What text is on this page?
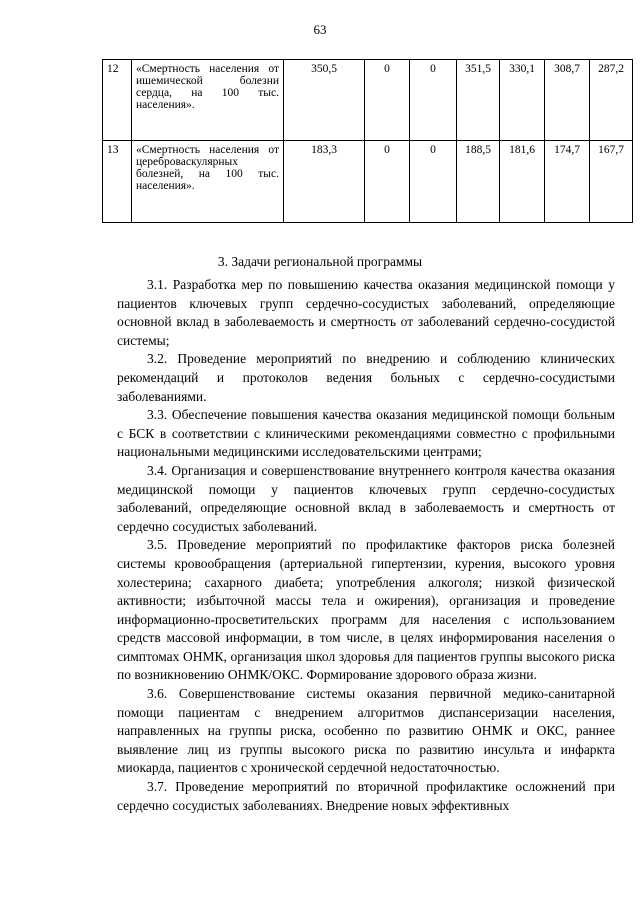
63
12	«Смертность населения от ишемической болезни сердца, на 100 тыс. населения».	350,5	0	0	351,5	330,1	308,7	287,2
13	«Смертность населения от цереброваскулярных болезней, на 100 тыс. населения».	183,3	0	0	188,5	181,6	174,7	167,7
3. Задачи региональной программы

3.1. Разработка мер по повышению качества оказания медицинской помощи у пациентов ключевых групп сердечно-сосудистых заболеваний, определяющие основной вклад в заболеваемость и смертность от заболеваний сердечно-сосудистой системы;

3.2. Проведение мероприятий по внедрению и соблюдению клинических рекомендаций и протоколов ведения больных с сердечно-сосудистыми заболеваниями.

3.3. Обеспечение повышения качества оказания медицинской помощи больным с БСК в соответствии с клиническими рекомендациями совместно с профильными национальными медицинскими исследовательскими центрами;

3.4. Организация и совершенствование внутреннего контроля качества оказания медицинской помощи у пациентов ключевых групп сердечно-сосудистых заболеваний, определяющие основной вклад в заболеваемость и смертность от сердечно сосудистых заболеваний.

3.5. Проведение мероприятий по профилактике факторов риска болезней системы кровообращения (артериальной гипертензии, курения, высокого уровня холестерина; сахарного диабета; употребления алкоголя; низкой физической активности; избыточной массы тела и ожирения), организация и проведение информационно-просветительских программ для населения с использованием средств массовой информации, в том числе, в целях информирования населения о симптомах ОНМК, организация школ здоровья для пациентов группы высокого риска по возникновению ОНМК/ОКС. Формирование здорового образа жизни.

3.6. Совершенствование системы оказания первичной медико-санитарной помощи пациентам с внедрением алгоритмов диспансеризации населения, направленных на группы риска, особенно по развитию ОНМК и ОКС, раннее выявление лиц из группы высокого риска по развитию инсульта и инфаркта миокарда, пациентов с хронической сердечной недостаточностью.

3.7. Проведение мероприятий по вторичной профилактике осложнений при сердечно сосудистых заболеваниях. Внедрение новых эффективных
